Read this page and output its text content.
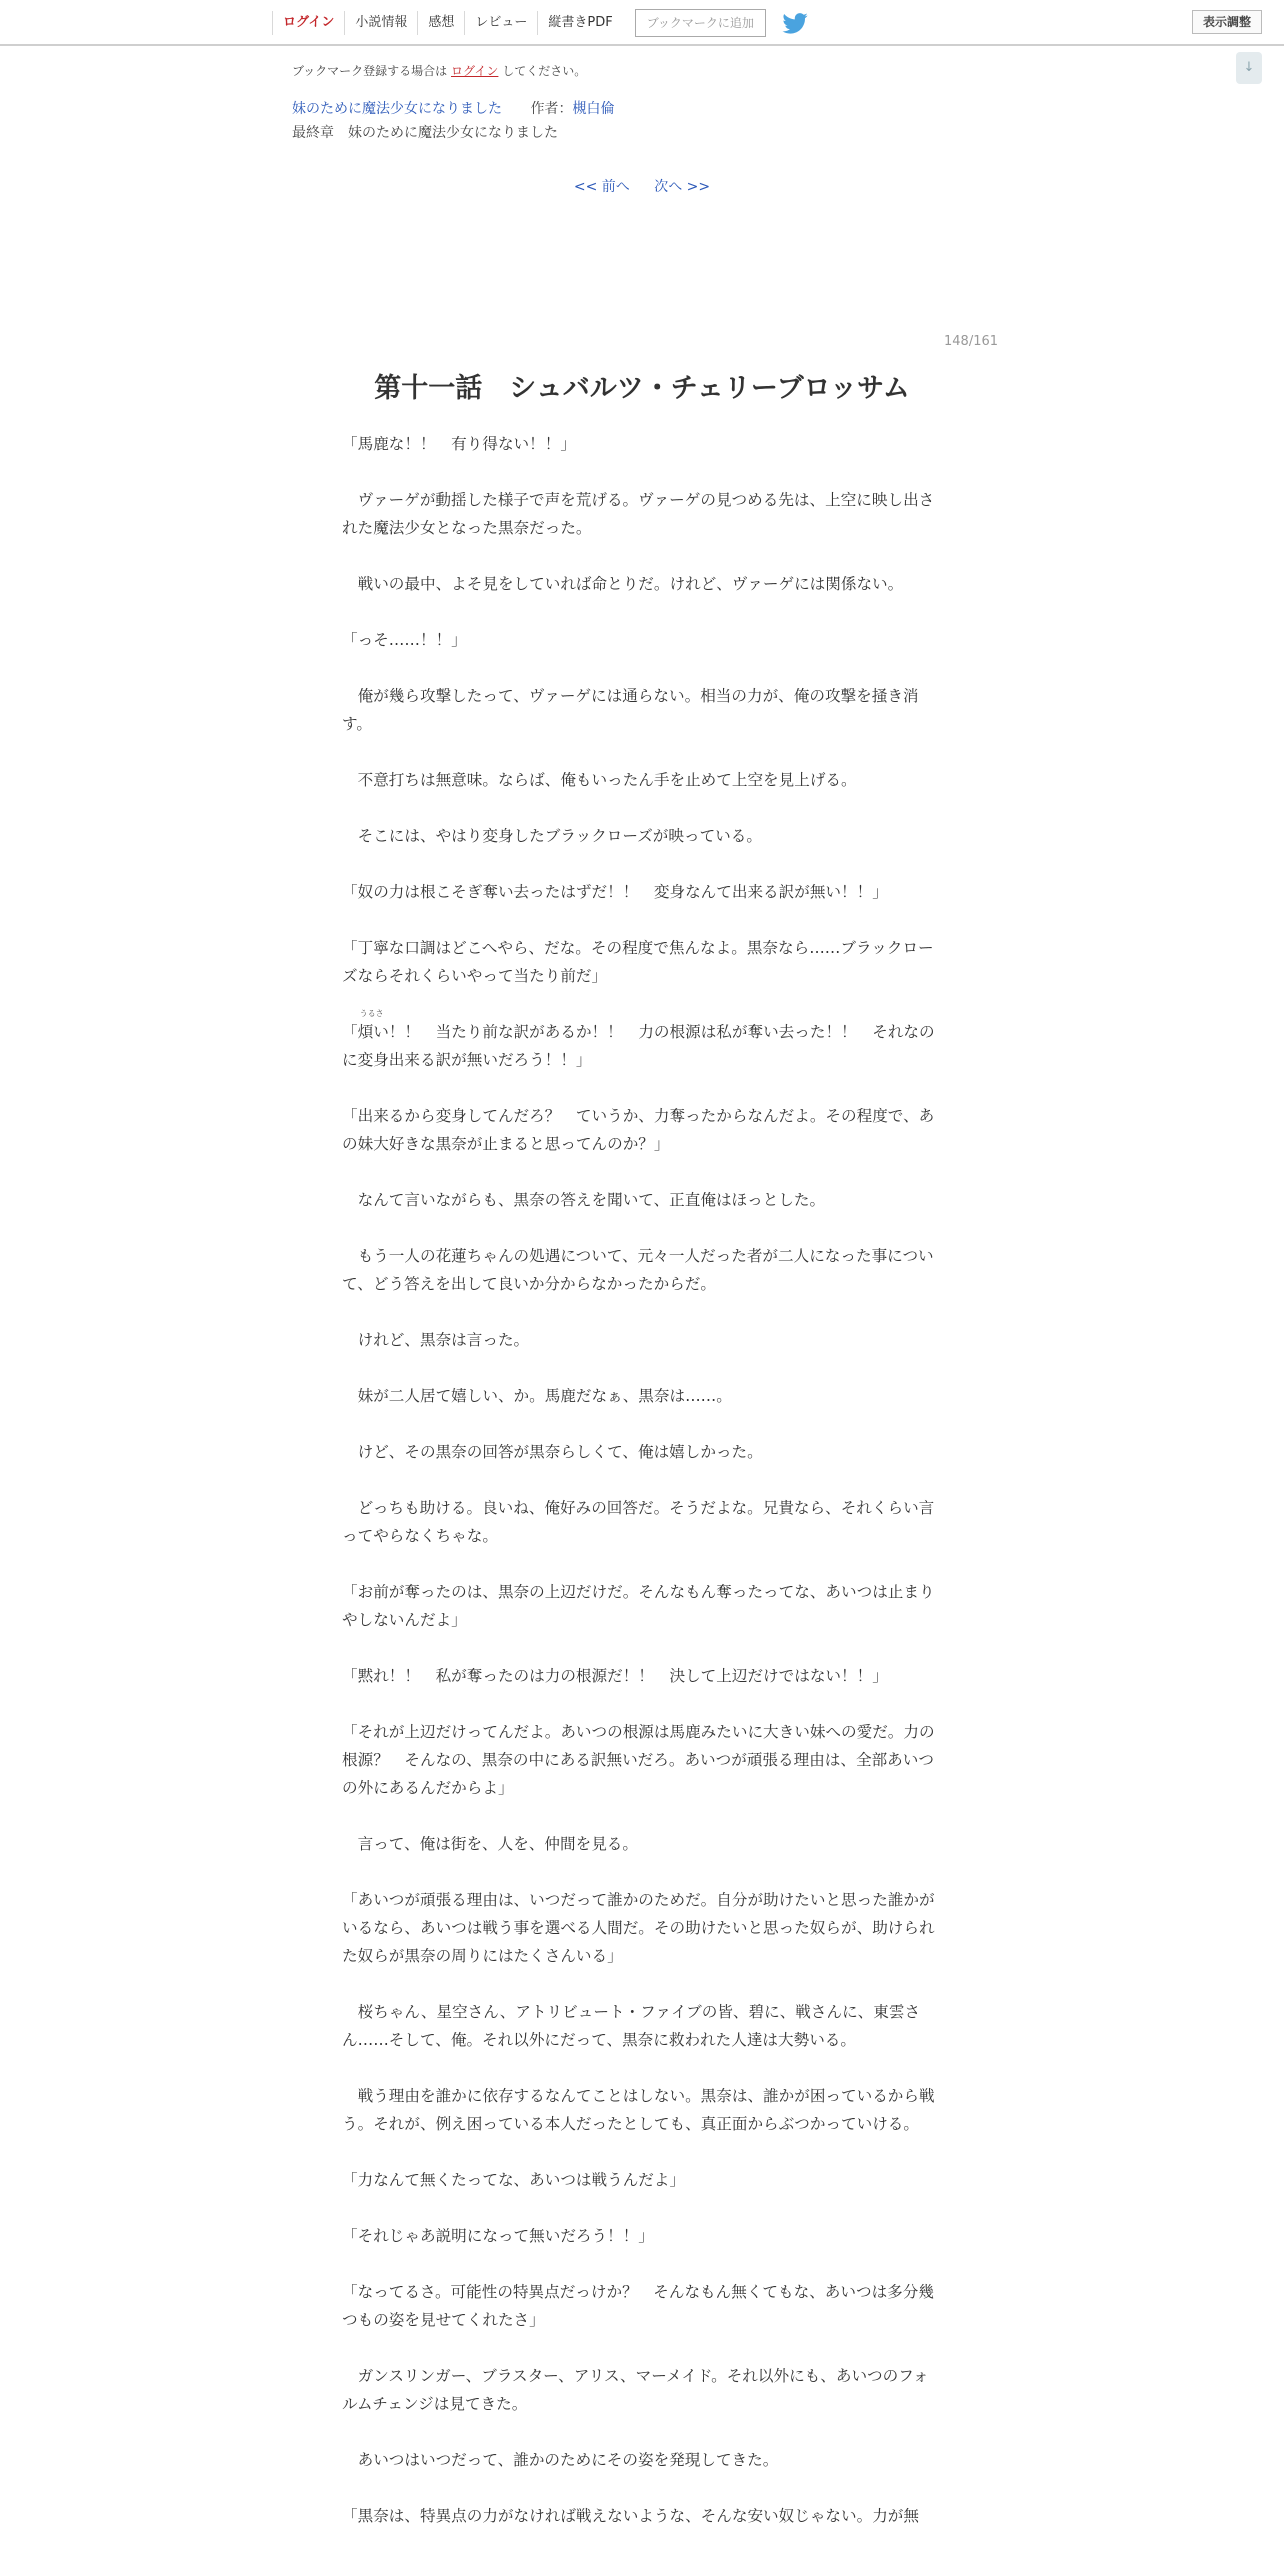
ログイン	小説情報	感想	レビュー	縦書きPDF	ブックマークに追加	表示調整
↓
ブックマーク登録する場合は ログイン してください。
妹のために魔法少女になりました 作者：槻白倫
最終章　 妹のために魔法少女になりました
<< 前へ 次へ >>
148/161
第十一話　シュバルツ・チェリーブロッサム

「馬鹿な！！　有り得ない！！」

　ヴァーゲが動揺した様子で声を荒げる。ヴァーゲの見つめる先は、上空に映し出された魔法少女となった黒奈だった。

　戦いの最中、よそ見をしていれば命とりだ。けれど、ヴァーゲには関係ない。

「っそ……！！」

　俺が幾ら攻撃したって、ヴァーゲには通らない。相当の力が、俺の攻撃を掻き消す。

　不意打ちは無意味。ならば、俺もいったん手を止めて上空を見上げる。

　そこには、やはり変身したブラックローズが映っている。

「奴の力は根こそぎ奪い去ったはずだ！！　変身なんて出来る訳が無い！！」

「丁寧な口調はどこへやら、だな。その程度で焦んなよ。黒奈なら……ブラックローズならそれくらいやって当たり前だ」

「
うるさ
煩い！！　当たり前な訳があるか！！　力の根源は私が奪い去った！！　それなのに変身出来る訳が無いだろう！！」

「出来るから変身してんだろ？　ていうか、力奪ったからなんだよ。その程度で、あの妹大好きな黒奈が止まると思ってんのか？」

　なんて言いながらも、黒奈の答えを聞いて、正直俺はほっとした。

　もう一人の花蓮ちゃんの処遇について、元々一人だった者が二人になった事について、どう答えを出して良いか分からなかったからだ。

　けれど、黒奈は言った。

　妹が二人居て嬉しい、か。馬鹿だなぁ、黒奈は……。

　けど、その黒奈の回答が黒奈らしくて、俺は嬉しかった。

　どっちも助ける。良いね、俺好みの回答だ。そうだよな。兄貴なら、それくらい言ってやらなくちゃな。

「お前が奪ったのは、黒奈の上辺だけだ。そんなもん奪ったってな、あいつは止まりやしないんだよ」

「黙れ！！　私が奪ったのは力の根源だ！！　決して上辺だけではない！！」

「それが上辺だけってんだよ。あいつの根源は馬鹿みたいに大きい妹への愛だ。力の根源？　そんなの、黒奈の中にある訳無いだろ。あいつが頑張る理由は、全部あいつの外にあるんだからよ」

　言って、俺は街を、人を、仲間を見る。

「あいつが頑張る理由は、いつだって誰かのためだ。自分が助けたいと思った誰かがいるなら、あいつは戦う事を選べる人間だ。その助けたいと思った奴らが、助けられた奴らが黒奈の周りにはたくさんいる」

　桜ちゃん、星空さん、アトリビュート・ファイブの皆、碧に、戦さんに、東雲さん……そして、俺。それ以外にだって、黒奈に救われた人達は大勢いる。

　戦う理由を誰かに依存するなんてことはしない。黒奈は、誰かが困っているから戦う。それが、例え困っている本人だったとしても、真正面からぶつかっていける。

「力なんて無くたってな、あいつは戦うんだよ」

「それじゃあ説明になって無いだろう！！」

「なってるさ。可能性の特異点だっけか？　そんなもん無くてもな、あいつは多分幾つもの姿を見せてくれたさ」

　ガンスリンガー、ブラスター、アリス、マーメイド。それ以外にも、あいつのフォルムチェンジは見てきた。

　あいつはいつだって、誰かのためにその姿を発現してきた。

「黒奈は、特異点の力がなければ戦えないような、そんな安い奴じゃない。力が無
